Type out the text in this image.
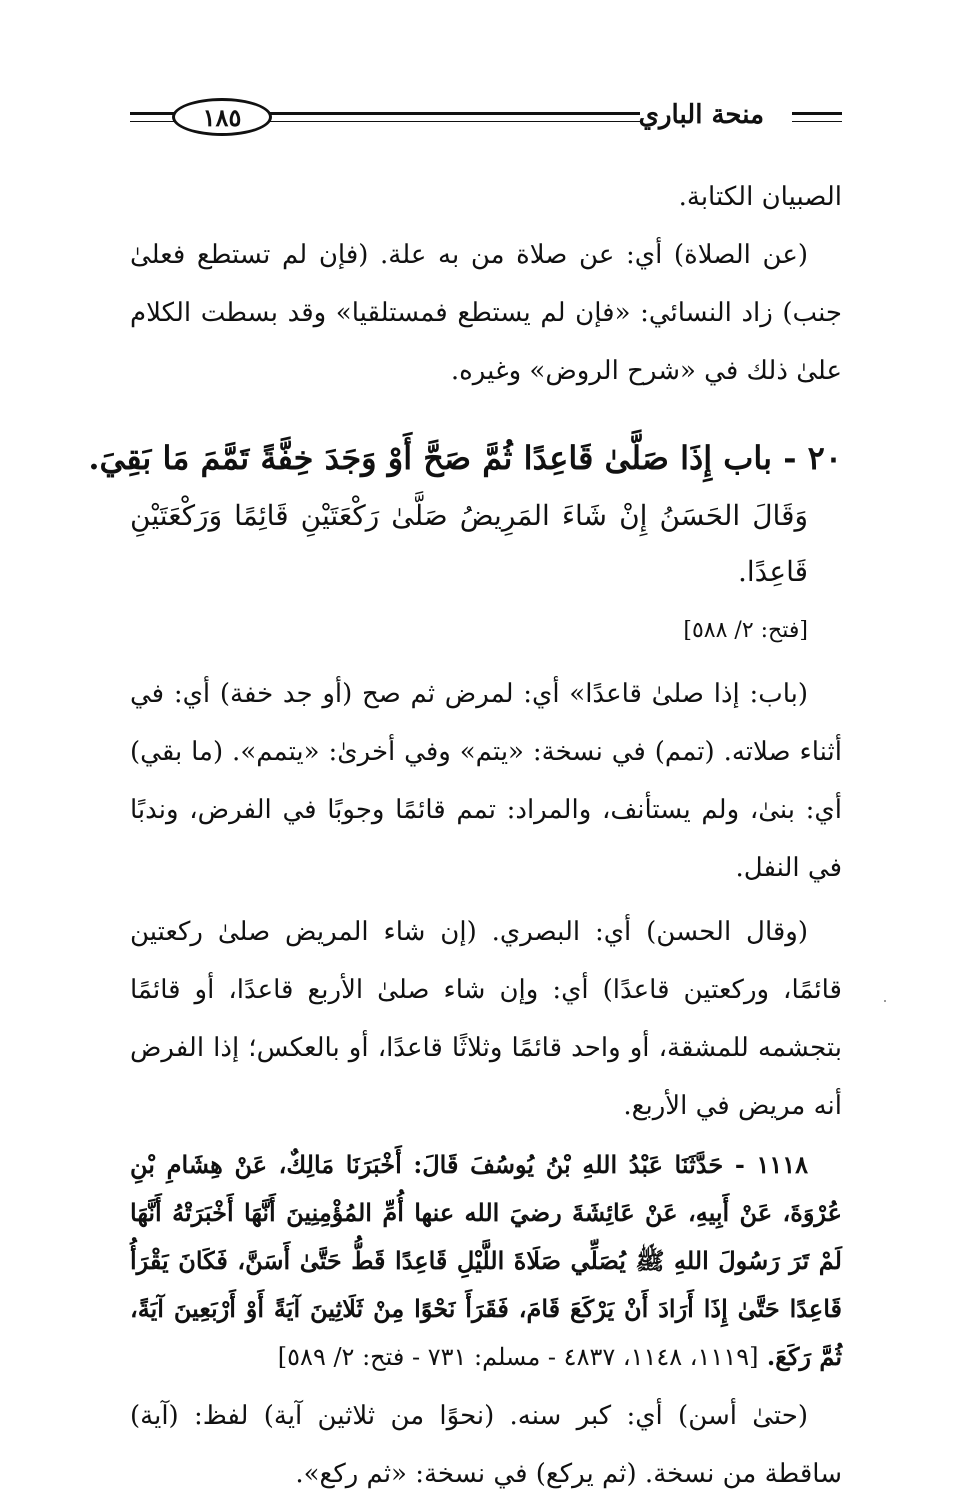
١٨٥	منحة الباري

الصبيان الكتابة.

(عن الصلاة) أي: عن صلاة من به علة. (فإن لم تستطع فعلىٰ جنب) زاد النسائي: «فإن لم يستطع فمستلقيا» وقد بسطت الكلام علىٰ ذلك في «شرح الروض» وغيره.

٢٠ - باب إِذَا صَلَّىٰ قَاعِدًا ثُمَّ صَحَّ أَوْ وَجَدَ خِفَّةً تَمَّمَ مَا بَقِيَ.

وَقَالَ الحَسَنُ إِنْ شَاءَ المَرِيضُ صَلَّىٰ رَكْعَتَيْنِ قَائِمًا وَرَكْعَتَيْنِ قَاعِدًا.

[فتح: ٢/ ٥٨٨]

(باب: إذا صلىٰ قاعدًا» أي: لمرض ثم صح (أو جد خفة) أي: في أثناء صلاته. (تمم) في نسخة: «يتم» وفي أخرىٰ: «يتمم». (ما بقي) أي: بنىٰ، ولم يستأنف، والمراد: تمم قائمًا وجوبًا في الفرض، وندبًا في النفل.

(وقال الحسن) أي: البصري. (إن شاء المريض صلىٰ ركعتين قائمًا، وركعتين قاعدًا) أي: وإن شاء صلىٰ الأربع قاعدًا، أو قائمًا بتجشمه للمشقة، أو واحد قائمًا وثلاثًا قاعدًا، أو بالعكس؛ إذا الفرض أنه مريض في الأربع.

١١١٨ - حَدَّثَنَا عَبْدُ اللهِ بْنُ يُوسُفَ قَالَ: أَخْبَرَنَا مَالِكٌ، عَنْ هِشَامِ بْنِ عُرْوَةَ، عَنْ أَبِيهِ، عَنْ عَائِشَةَ رضيَ الله عنها أُمِّ المُؤْمِنِينَ أَنَّهَا أَخْبَرَتْهُ أَنَّهَا لَمْ تَرَ رَسُولَ اللهِ ﷺ يُصَلِّي صَلَاةَ اللَّيْلِ قَاعِدًا قَطُّ حَتَّىٰ أَسَنَّ، فَكَانَ يَقْرَأُ قَاعِدًا حَتَّىٰ إِذَا أَرَادَ أَنْ يَرْكَعَ قَامَ، فَقَرَأَ نَحْوًا مِنْ ثَلَاثِينَ آيَةً أَوْ أَرْبَعِينَ آيَةً، ثُمَّ رَكَعَ. [١١١٩، ١١٤٨، ٤٨٣٧ - مسلم: ٧٣١ - فتح: ٢/ ٥٨٩]

(حتىٰ أسن) أي: كبر سنه. (نحوًا من ثلاثين آية) لفظ: (آية) ساقطة من نسخة. (ثم يركع) في نسخة: «ثم ركع».
